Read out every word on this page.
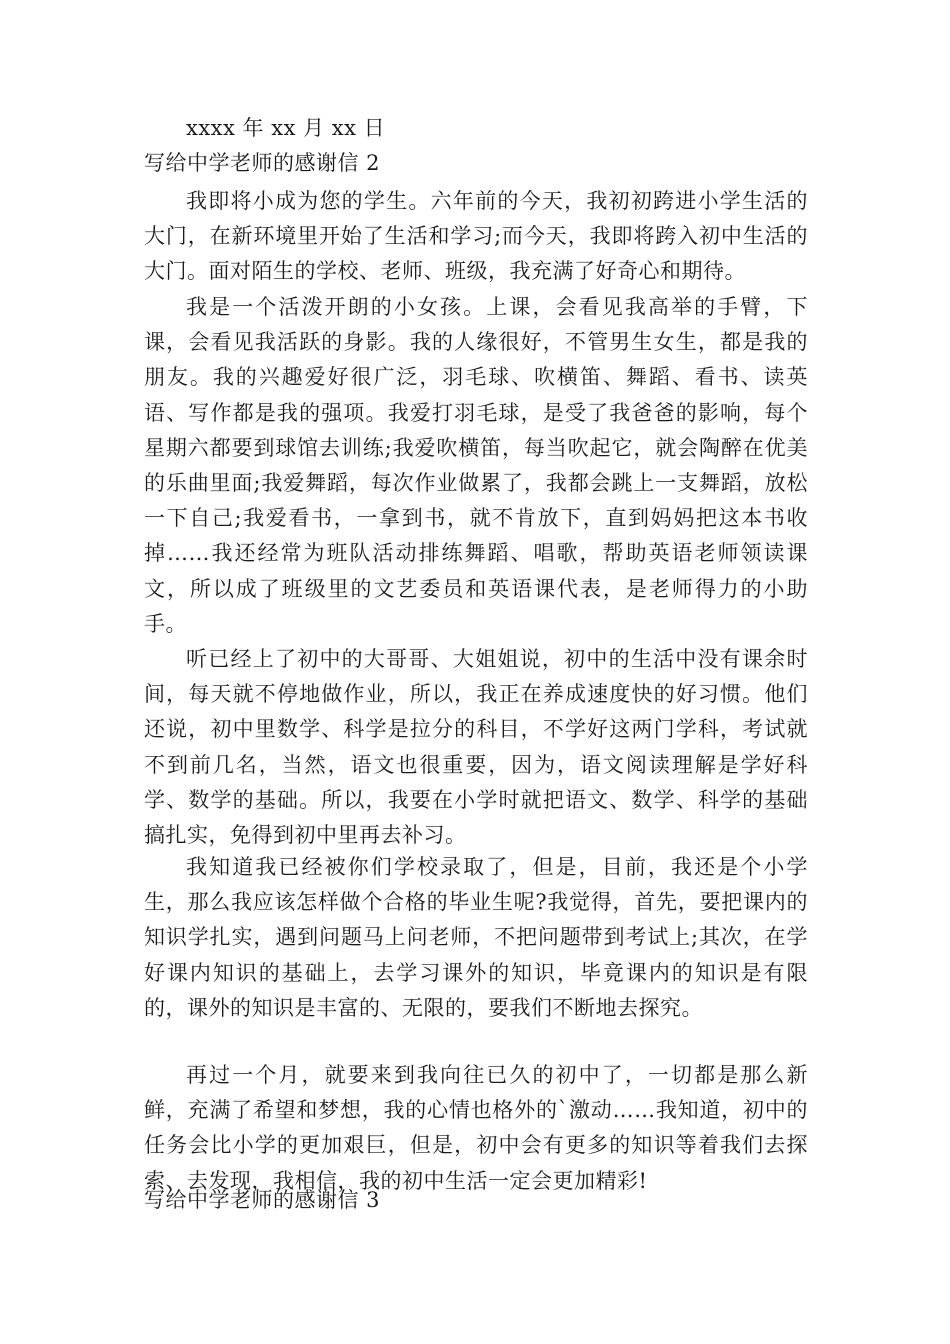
xxxx 年 xx 月 xx 日
写给中学老师的感谢信 2

我即将小成为您的学生。六年前的今天，我初初跨进小学生活的大门，在新环境里开始了生活和学习;而今天，我即将跨入初中生活的大门。面对陌生的学校、老师、班级，我充满了好奇心和期待。

我是一个活泼开朗的小女孩。上课，会看见我高举的手臂，下课，会看见我活跃的身影。我的人缘很好，不管男生女生，都是我的朋友。我的兴趣爱好很广泛，羽毛球、吹横笛、舞蹈、看书、读英语、写作都是我的强项。我爱打羽毛球，是受了我爸爸的影响，每个星期六都要到球馆去训练;我爱吹横笛，每当吹起它，就会陶醉在优美的乐曲里面;我爱舞蹈，每次作业做累了，我都会跳上一支舞蹈，放松一下自己;我爱看书，一拿到书，就不肯放下，直到妈妈把这本书收掉……我还经常为班队活动排练舞蹈、唱歌，帮助英语老师领读课文，所以成了班级里的文艺委员和英语课代表，是老师得力的小助手。

听已经上了初中的大哥哥、大姐姐说，初中的生活中没有课余时间，每天就不停地做作业，所以，我正在养成速度快的好习惯。他们还说，初中里数学、科学是拉分的科目，不学好这两门学科，考试就不到前几名，当然，语文也很重要，因为，语文阅读理解是学好科学、数学的基础。所以，我要在小学时就把语文、数学、科学的基础搞扎实，免得到初中里再去补习。

我知道我已经被你们学校录取了，但是，目前，我还是个小学生，那么我应该怎样做个合格的毕业生呢?我觉得，首先，要把课内的知识学扎实，遇到问题马上问老师，不把问题带到考试上;其次，在学好课内知识的基础上，去学习课外的知识，毕竟课内的知识是有限的，课外的知识是丰富的、无限的，要我们不断地去探究。

再过一个月，就要来到我向往已久的初中了，一切都是那么新鲜，充满了希望和梦想，我的心情也格外的`激动……我知道，初中的任务会比小学的更加艰巨，但是，初中会有更多的知识等着我们去探索、去发现，我相信，我的初中生活一定会更加精彩!

写给中学老师的感谢信 3
